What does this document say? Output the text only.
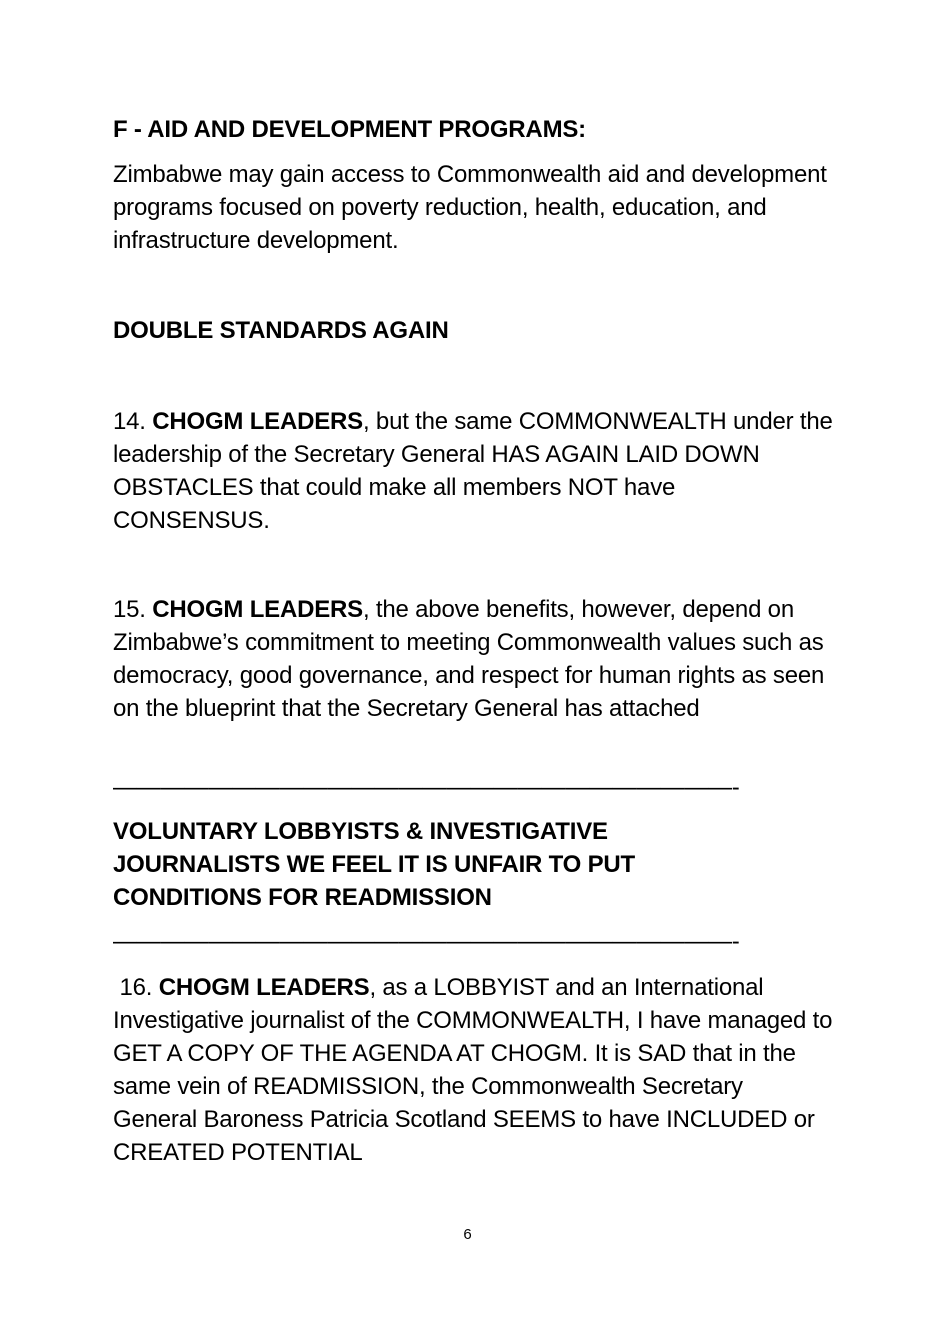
F - AID AND DEVELOPMENT PROGRAMS:

Zimbabwe may gain access to Commonwealth aid and development programs focused on poverty reduction, health, education, and infrastructure development.

DOUBLE STANDARDS AGAIN

14. CHOGM LEADERS, but the same COMMONWEALTH under the leadership of the Secretary General HAS AGAIN LAID DOWN OBSTACLES that could make all members NOT have CONSENSUS.

15. CHOGM LEADERS, the above benefits, however, depend on Zimbabwe’s commitment to meeting Commonwealth values such as democracy, good governance, and respect for human rights as seen on the blueprint that the Secretary General has attached

——————————————————————————-

VOLUNTARY LOBBYISTS & INVESTIGATIVE JOURNALISTS WE FEEL IT IS UNFAIR TO PUT CONDITIONS FOR READMISSION

——————————————————————————-

16. CHOGM LEADERS, as a LOBBYIST and an International Investigative journalist of the COMMONWEALTH, I have managed to GET A COPY OF THE AGENDA AT CHOGM. It is SAD that in the same vein of READMISSION, the Commonwealth Secretary General Baroness Patricia Scotland SEEMS to have INCLUDED or CREATED POTENTIAL

6
